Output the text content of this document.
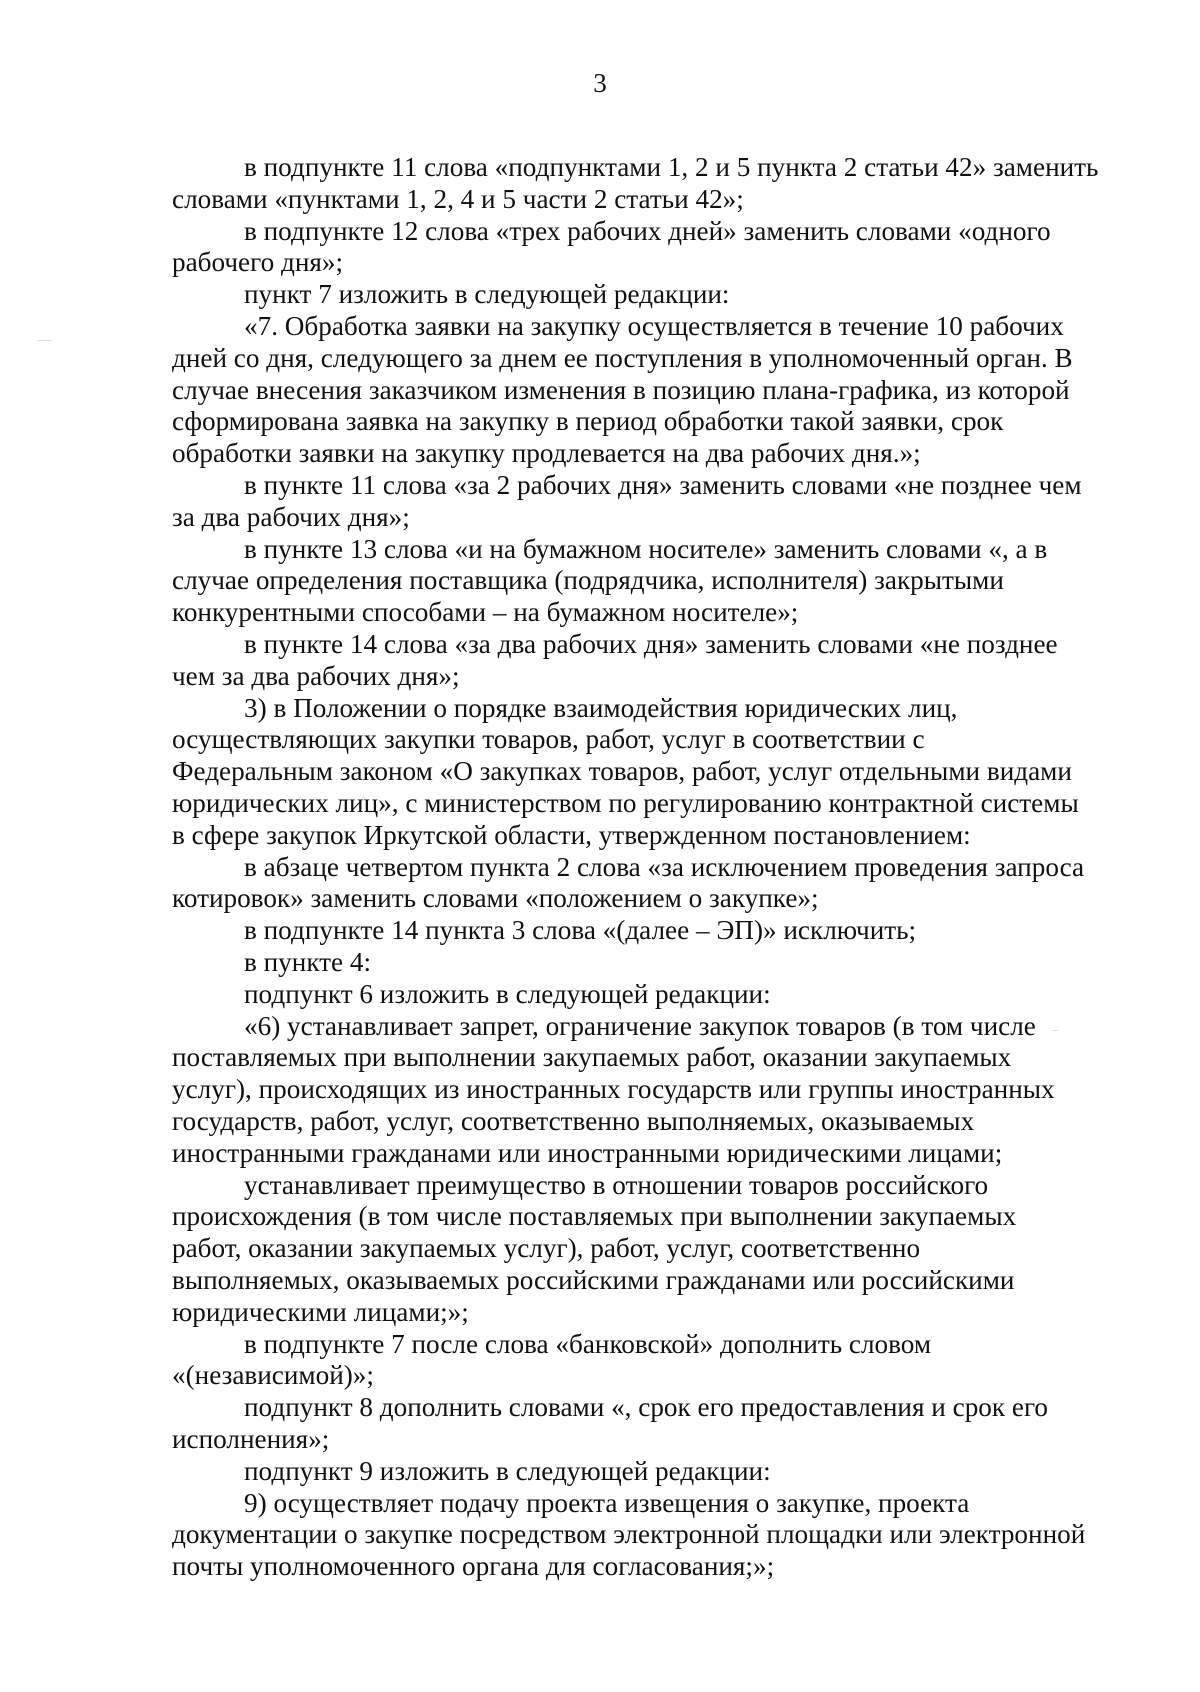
3

в подпункте 11 слова «подпунктами 1, 2 и 5 пункта 2 статьи 42» заменить
словами «пунктами 1, 2, 4 и 5 части 2 статьи 42»;

в подпункте 12 слова «трех рабочих дней» заменить словами «одного
рабочего дня»;

пункт 7 изложить в следующей редакции:

«7. Обработка заявки на закупку осуществляется в течение 10 рабочих
дней со дня, следующего за днем ее поступления в уполномоченный орган. В
случае внесения заказчиком изменения в позицию плана-графика, из которой
сформирована заявка на закупку в период обработки такой заявки, срок
обработки заявки на закупку продлевается на два рабочих дня.»;

в пункте 11 слова «за 2 рабочих дня» заменить словами «не позднее чем
за два рабочих дня»;

в пункте 13 слова «и на бумажном носителе» заменить словами «, а в
случае определения поставщика (подрядчика, исполнителя) закрытыми
конкурентными способами – на бумажном носителе»;

в пункте 14 слова «за два рабочих дня» заменить словами «не позднее
чем за два рабочих дня»;

3) в Положении о порядке взаимодействия юридических лиц,
осуществляющих закупки товаров, работ, услуг в соответствии с
Федеральным законом «О закупках товаров, работ, услуг отдельными видами
юридических лиц», с министерством по регулированию контрактной системы
в сфере закупок Иркутской области, утвержденном постановлением:

в абзаце четвертом пункта 2 слова «за исключением проведения запроса
котировок» заменить словами «положением о закупке»;

в подпункте 14 пункта 3 слова «(далее – ЭП)» исключить;

в пункте 4:

подпункт 6 изложить в следующей редакции:

«6) устанавливает запрет, ограничение закупок товаров (в том числе
поставляемых при выполнении закупаемых работ, оказании закупаемых
услуг), происходящих из иностранных государств или группы иностранных
государств, работ, услуг, соответственно выполняемых, оказываемых
иностранными гражданами или иностранными юридическими лицами;

устанавливает преимущество в отношении товаров российского
происхождения (в том числе поставляемых при выполнении закупаемых
работ, оказании закупаемых услуг), работ, услуг, соответственно
выполняемых, оказываемых российскими гражданами или российскими
юридическими лицами;»;

в подпункте 7 после слова «банковской» дополнить словом
«(независимой)»;

подпункт 8 дополнить словами «, срок его предоставления и срок его
исполнения»;

подпункт 9 изложить в следующей редакции:

9) осуществляет подачу проекта извещения о закупке, проекта
документации о закупке посредством электронной площадки или электронной
почты уполномоченного органа для согласования;»;
